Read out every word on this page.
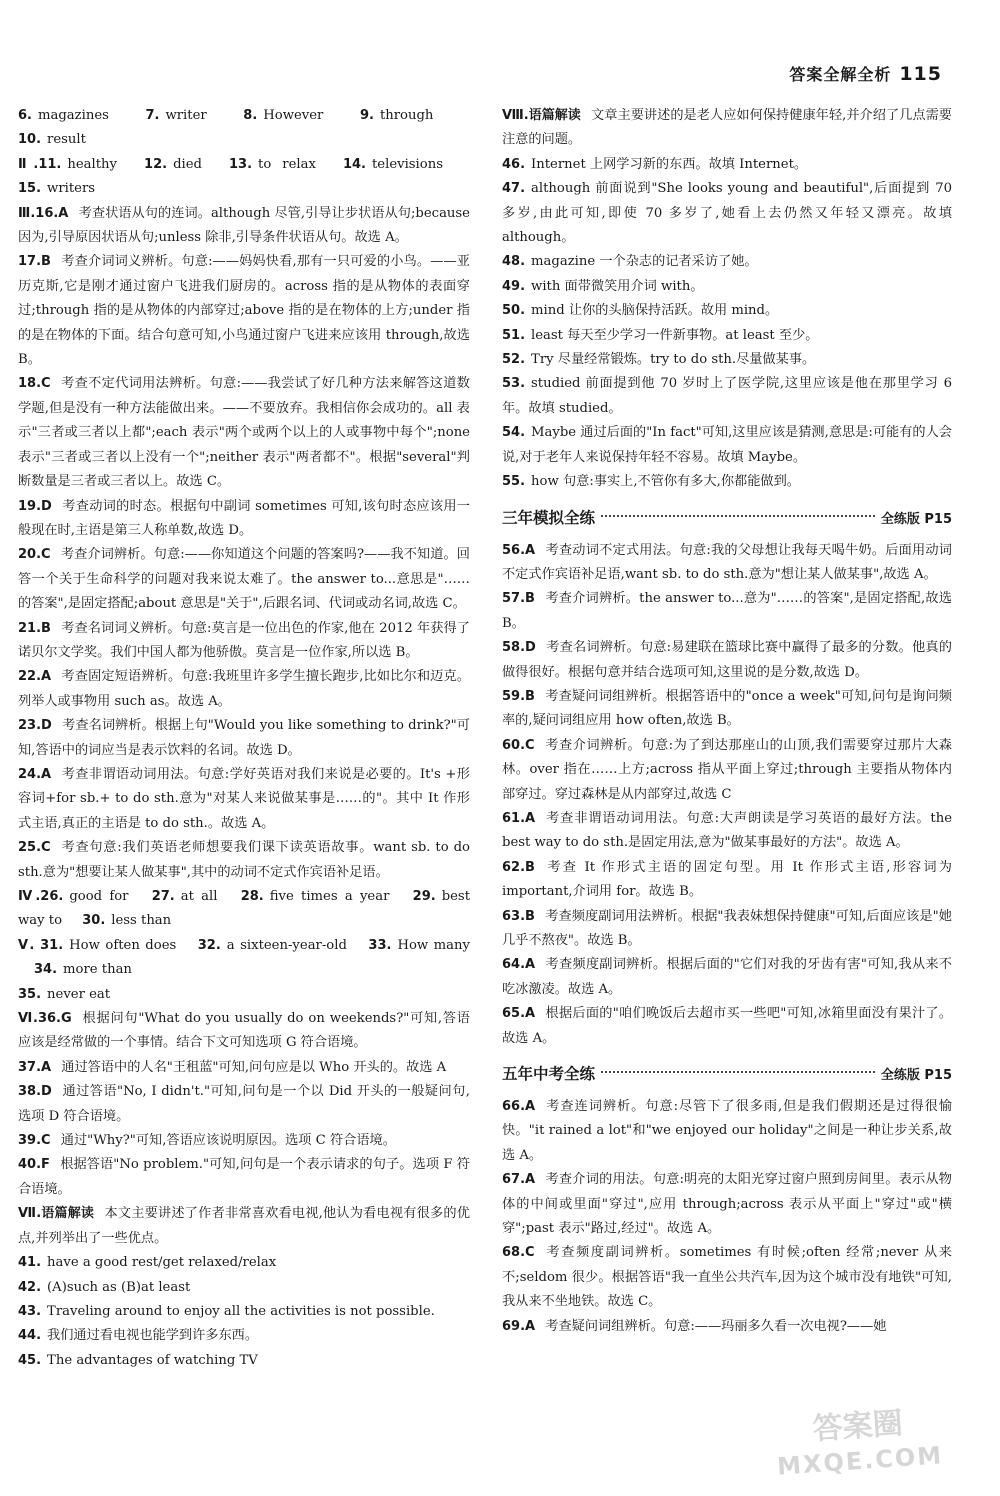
答案全解全析 115

6. magazines 7. writer 8. However 9. through 10. result

Ⅱ.11. healthy 12. died 13. to relax 14. televisions 15. writers

Ⅲ.16.A 考查状语从句的连词。although 尽管,引导让步状语从句;because 因为,引导原因状语从句;unless 除非,引导条件状语从句。故选 A。

17.B 考查介词词义辨析。句意:——妈妈快看,那有一只可爱的小鸟。——亚历克斯,它是刚才通过窗户飞进我们厨房的。across 指的是从物体的表面穿过;through 指的是从物体的内部穿过;above 指的是在物体的上方;under 指的是在物体的下面。结合句意可知,小鸟通过窗户飞进来应该用 through,故选 B。

18.C 考查不定代词用法辨析。句意:——我尝试了好几种方法来解答这道数学题,但是没有一种方法能做出来。——不要放弃。我相信你会成功的。all 表示"三者或三者以上都";each 表示"两个或两个以上的人或事物中每个";none 表示"三者或三者以上没有一个";neither 表示"两者都不"。根据"several"判断数量是三者或三者以上。故选 C。

19.D 考查动词的时态。根据句中副词 sometimes 可知,该句时态应该用一般现在时,主语是第三人称单数,故选 D。

20.C 考查介词辨析。句意:——你知道这个问题的答案吗?——我不知道。回答一个关于生命科学的问题对我来说太难了。the answer to...意思是"……的答案",是固定搭配;about 意思是"关于",后跟名词、代词或动名词,故选 C。

21.B 考查名词词义辨析。句意:莫言是一位出色的作家,他在 2012 年获得了诺贝尔文学奖。我们中国人都为他骄傲。莫言是一位作家,所以选 B。

22.A 考查固定短语辨析。句意:我班里许多学生擅长跑步,比如比尔和迈克。列举人或事物用 such as。故选 A。

23.D 考查名词辨析。根据上句"Would you like something to drink?"可知,答语中的词应当是表示饮料的名词。故选 D。

24.A 考查非谓语动词用法。句意:学好英语对我们来说是必要的。It's +形容词+for sb.+ to do sth.意为"对某人来说做某事是……的"。其中 It 作形式主语,真正的主语是 to do sth.。故选 A。

25.C 考查句意:我们英语老师想要我们课下读英语故事。want sb. to do sth.意为"想要让某人做某事",其中的动词不定式作宾语补足语。

Ⅳ.26. good for 27. at all 28. five times a year 29. best way to 30. less than

Ⅴ. 31. How often does 32. a sixteen-year-old 33. How many 34. more than

35. never eat

Ⅵ.36.G 根据问句"What do you usually do on weekends?"可知,答语应该是经常做的一个事情。结合下文可知选项 G 符合语境。

37.A 通过答语中的人名"王租蓝"可知,问句应是以 Who 开头的。故选 A

38.D 通过答语"No, I didn't."可知,问句是一个以 Did 开头的一般疑问句,选项 D 符合语境。

39.C 通过"Why?"可知,答语应该说明原因。选项 C 符合语境。

40.F 根据答语"No problem."可知,问句是一个表示请求的句子。选项 F 符合语境。

Ⅶ.语篇解读 本文主要讲述了作者非常喜欢看电视,他认为看电视有很多的优点,并列举出了一些优点。

41. have a good rest/get relaxed/relax

42. (A)such as (B)at least

43. Traveling around to enjoy all the activities is not possible.

44. 我们通过看电视也能学到许多东西。

45. The advantages of watching TV

Ⅷ.语篇解读 文章主要讲述的是老人应如何保持健康年轻,并介绍了几点需要注意的问题。

46. Internet 上网学习新的东西。故填 Internet。

47. although 前面说到"She looks young and beautiful",后面提到 70 多岁,由此可知,即使 70 多岁了,她看上去仍然又年轻又漂亮。故填 although。

48. magazine 一个杂志的记者采访了她。

49. with 面带微笑用介词 with。

50. mind 让你的头脑保持活跃。故用 mind。

51. least 每天至少学习一件新事物。at least 至少。

52. Try 尽量经常锻炼。try to do sth.尽量做某事。

53. studied 前面提到他 70 岁时上了医学院,这里应该是他在那里学习 6 年。故填 studied。

54. Maybe 通过后面的"In fact"可知,这里应该是猜测,意思是:可能有的人会说,对于老年人来说保持年轻不容易。故填 Maybe。

55. how 句意:事实上,不管你有多大,你都能做到。

三年模拟全练	全练版 P15

56.A 考查动词不定式用法。句意:我的父母想让我每天喝牛奶。后面用动词不定式作宾语补足语,want sb. to do sth.意为"想让某人做某事",故选 A。

57.B 考查介词辨析。the answer to...意为"……的答案",是固定搭配,故选 B。

58.D 考查名词辨析。句意:易建联在篮球比赛中赢得了最多的分数。他真的做得很好。根据句意并结合选项可知,这里说的是分数,故选 D。

59.B 考查疑问词组辨析。根据答语中的"once a week"可知,问句是询问频率的,疑问词组应用 how often,故选 B。

60.C 考查介词辨析。句意:为了到达那座山的山顶,我们需要穿过那片大森林。over 指在……上方;across 指从平面上穿过;through 主要指从物体内部穿过。穿过森林是从内部穿过,故选 C

61.A 考查非谓语动词用法。句意:大声朗读是学习英语的最好方法。the best way to do sth.是固定用法,意为"做某事最好的方法"。故选 A。

62.B 考查 It 作形式主语的固定句型。用 It 作形式主语,形容词为 important,介词用 for。故选 B。

63.B 考查频度副词用法辨析。根据"我表妹想保持健康"可知,后面应该是"她几乎不熬夜"。故选 B。

64.A 考查频度副词辨析。根据后面的"它们对我的牙齿有害"可知,我从来不吃冰激凌。故选 A。

65.A 根据后面的"咱们晚饭后去超市买一些吧"可知,冰箱里面没有果汁了。故选 A。

五年中考全练	全练版 P15

66.A 考查连词辨析。句意:尽管下了很多雨,但是我们假期还是过得很愉快。"it rained a lot"和"we enjoyed our holiday"之间是一种让步关系,故选 A。

67.A 考查介词的用法。句意:明亮的太阳光穿过窗户照到房间里。表示从物体的中间或里面"穿过",应用 through;across 表示从平面上"穿过"或"横穿";past 表示"路过,经过"。故选 A。

68.C 考查频度副词辨析。sometimes 有时候;often 经常;never 从来不;seldom 很少。根据答语"我一直坐公共汽车,因为这个城市没有地铁"可知,我从来不坐地铁。故选 C。

69.A 考查疑问词组辨析。句意:——玛丽多久看一次电视?——她

答案圈
MXQE.COM
